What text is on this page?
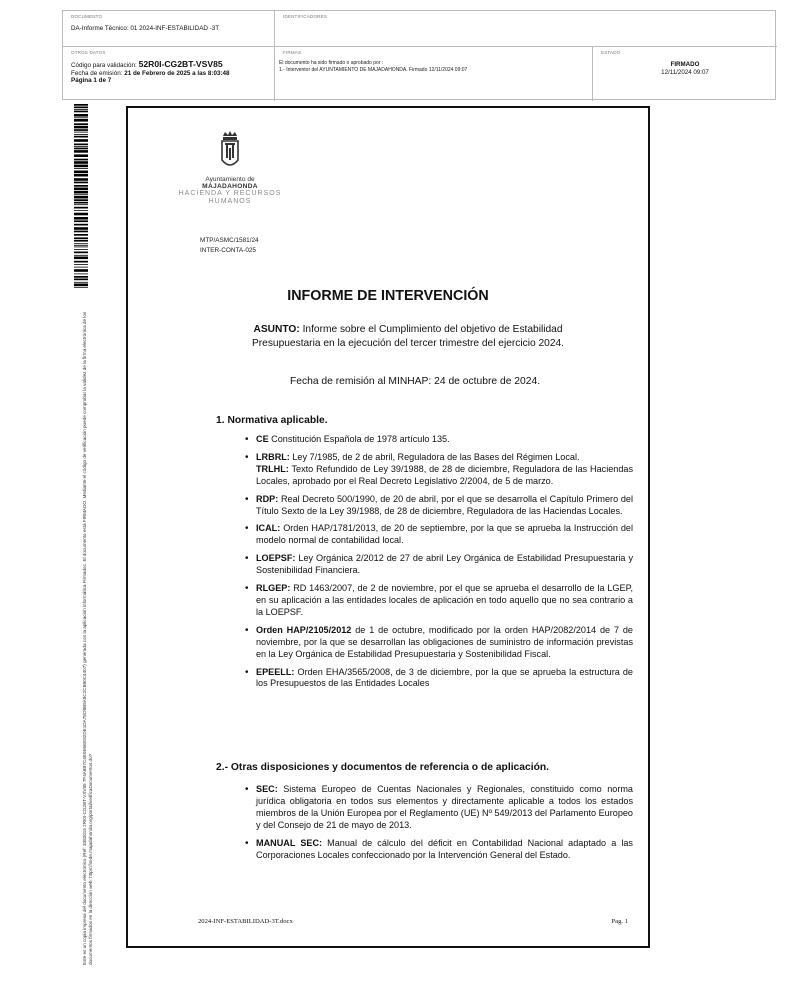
DOCUMENTO
DA-Informe Técnico: 01 2024-INF-ESTABILIDAD -3T
IDENTIFICADORES
OTROS DATOS
Código para validación: 52R0I-CG2BT-VSV85
Fecha de emisión: 21 de Febrero de 2025 a las 8:03:48
Página 1 de 7
FIRMAS
El documento ha sido firmado o aprobado por :
1.- Interventor del AYUNTAMIENTO DE MAJADAHONDA. Firmado 12/11/2024 09:07
ESTADO
FIRMADO
12/11/2024 09:07
Este es un copia impresa del documento electrónico (Ref: 3383015 2RI0I-CG2BT-VSV85 7F4A8B7C4E0E6EE82DE1DA7ED8B5A8C2CB90C4407) generada con la aplicación informática Firmadoc. El documento está FIRMADO. Mediante el código de verificación puede comprobar la validez de la firma electrónica de los documentos firmados en la dirección web: https://sede.majadahonda.org/portal/verificaDocumentos.do?
Ayuntamiento de
MAJADAHONDA
HACIENDA Y RECURSOS
HUMANOS
MTP/ASMC/1581/24
INTER-CONTA-025
INFORME DE INTERVENCIÓN
ASUNTO: Informe sobre el Cumplimiento del objetivo de Estabilidad Presupuestaria en la ejecución del tercer trimestre del ejercicio 2024.
Fecha de remisión al MINHAP: 24 de octubre de 2024.
1. Normativa aplicable.
• CE Constitución Española de 1978 artículo 135.
• LRBRL: Ley 7/1985, de 2 de abril, Reguladora de las Bases del Régimen Local.
TRLHL: Texto Refundido de Ley 39/1988, de 28 de diciembre, Reguladora de las Haciendas Locales, aprobado por el Real Decreto Legislativo 2/2004, de 5 de marzo.
• RDP: Real Decreto 500/1990, de 20 de abril, por el que se desarrolla el Capítulo Primero del Título Sexto de la Ley 39/1988, de 28 de diciembre, Reguladora de las Haciendas Locales.
• ICAL: Orden HAP/1781/2013, de 20 de septiembre, por la que se aprueba la Instrucción del modelo normal de contabilidad local.
• LOEPSF: Ley Orgánica 2/2012 de 27 de abril Ley Orgánica de Estabilidad Presupuestaria y Sostenibilidad Financiera.
• RLGEP: RD 1463/2007, de 2 de noviembre, por el que se aprueba el desarrollo de la LGEP, en su aplicación a las entidades locales de aplicación en todo aquello que no sea contrario a la LOEPSF.
• Orden HAP/2105/2012 de 1 de octubre, modificado por la orden HAP/2082/2014 de 7 de noviembre, por la que se desarrollan las obligaciones de suministro de información previstas en la Ley Orgánica de Estabilidad Presupuestaria y Sostenibilidad Fiscal.
• EPEELL: Orden EHA/3565/2008, de 3 de diciembre, por la que se aprueba la estructura de los Presupuestos de las Entidades Locales
2.- Otras disposiciones y documentos de referencia o de aplicación.
• SEC: Sistema Europeo de Cuentas Nacionales y Regionales, constituido como norma jurídica obligatoria en todos sus elementos y directamente aplicable a todos los estados miembros de la Unión Europea por el Reglamento (UE) Nº 549/2013 del Parlamento Europeo y del Consejo de 21 de mayo de 2013.
• MANUAL SEC: Manual de cálculo del déficit en Contabilidad Nacional adaptado a las Corporaciones Locales confeccionado por la Intervención General del Estado.
2024-INF-ESTABILIDAD-3T.docx	Pag. 1
